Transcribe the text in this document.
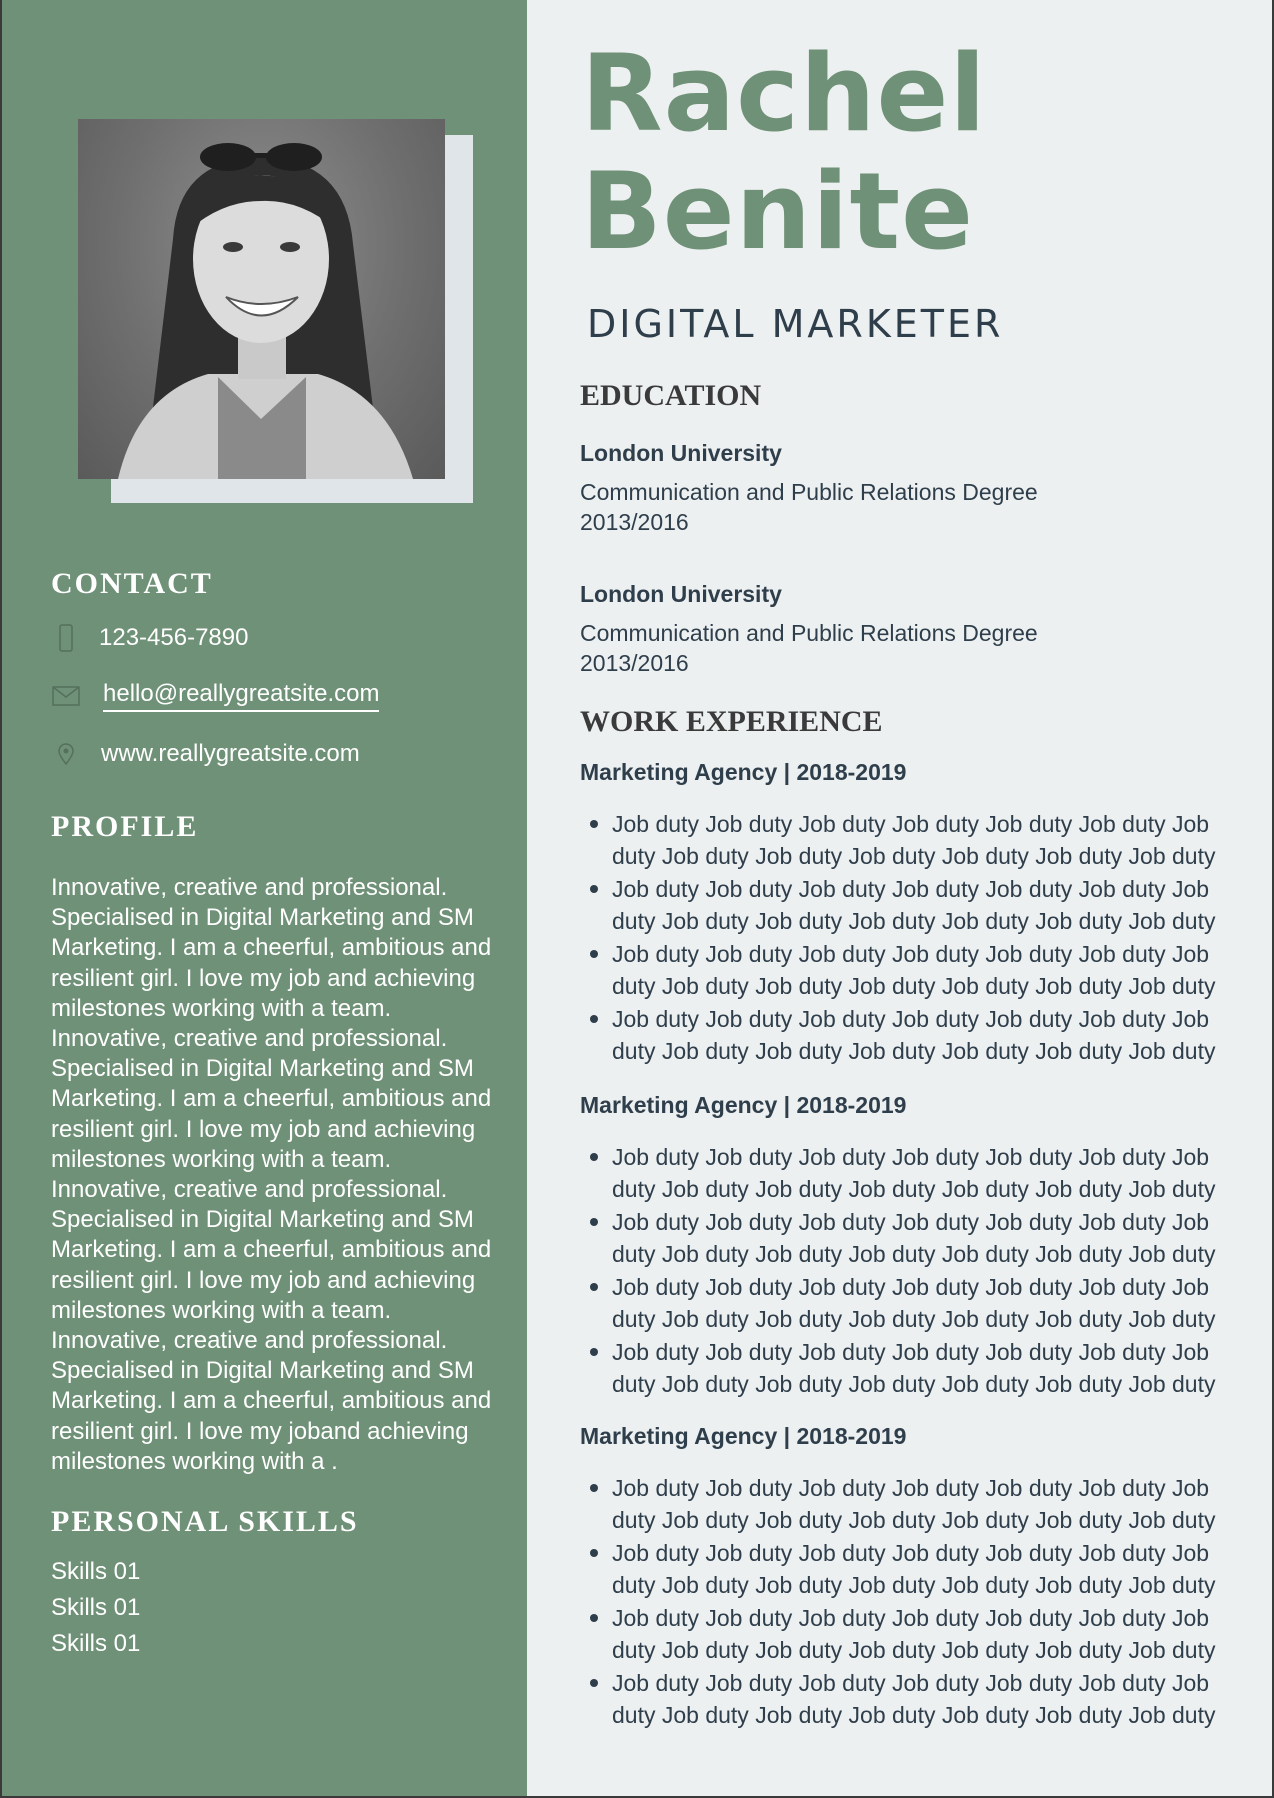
CONTACT
123-456-7890
hello@reallygreatsite.com
www.reallygreatsite.com
PROFILE
Innovative, creative and professional. Specialised in Digital Marketing and SM Marketing. I am a cheerful, ambitious and resilient girl. I love my job and achieving milestones working with a team. Innovative, creative and professional. Specialised in Digital Marketing and SM Marketing. I am a cheerful, ambitious and resilient girl. I love my job and achieving milestones working with a team. Innovative, creative and professional. Specialised in Digital Marketing and SM Marketing. I am a cheerful, ambitious and resilient girl. I love my job and achieving milestones working with a team. Innovative, creative and professional. Specialised in Digital Marketing and SM Marketing. I am a cheerful, ambitious and resilient girl. I love my joband achieving milestones working with a .
PERSONAL SKILLS
Skills 01
Skills 01
Skills 01
Rachel
Benite
DIGITAL MARKETER
EDUCATION
London University
Communication and Public Relations Degree
2013/2016
London University
Communication and Public Relations Degree
2013/2016
WORK EXPERIENCE
Marketing Agency | 2018-2019
Job duty Job duty Job duty Job duty Job duty Job duty Job duty Job duty Job duty Job duty Job duty Job duty Job duty
Job duty Job duty Job duty Job duty Job duty Job duty Job duty Job duty Job duty Job duty Job duty Job duty Job duty
Job duty Job duty Job duty Job duty Job duty Job duty Job duty Job duty Job duty Job duty Job duty Job duty Job duty
Job duty Job duty Job duty Job duty Job duty Job duty Job duty Job duty Job duty Job duty Job duty Job duty Job duty
Marketing Agency | 2018-2019
Job duty Job duty Job duty Job duty Job duty Job duty Job duty Job duty Job duty Job duty Job duty Job duty Job duty
Job duty Job duty Job duty Job duty Job duty Job duty Job duty Job duty Job duty Job duty Job duty Job duty Job duty
Job duty Job duty Job duty Job duty Job duty Job duty Job duty Job duty Job duty Job duty Job duty Job duty Job duty
Job duty Job duty Job duty Job duty Job duty Job duty Job duty Job duty Job duty Job duty Job duty Job duty Job duty
Marketing Agency | 2018-2019
Job duty Job duty Job duty Job duty Job duty Job duty Job duty Job duty Job duty Job duty Job duty Job duty Job duty
Job duty Job duty Job duty Job duty Job duty Job duty Job duty Job duty Job duty Job duty Job duty Job duty Job duty
Job duty Job duty Job duty Job duty Job duty Job duty Job duty Job duty Job duty Job duty Job duty Job duty Job duty
Job duty Job duty Job duty Job duty Job duty Job duty Job duty Job duty Job duty Job duty Job duty Job duty Job duty
